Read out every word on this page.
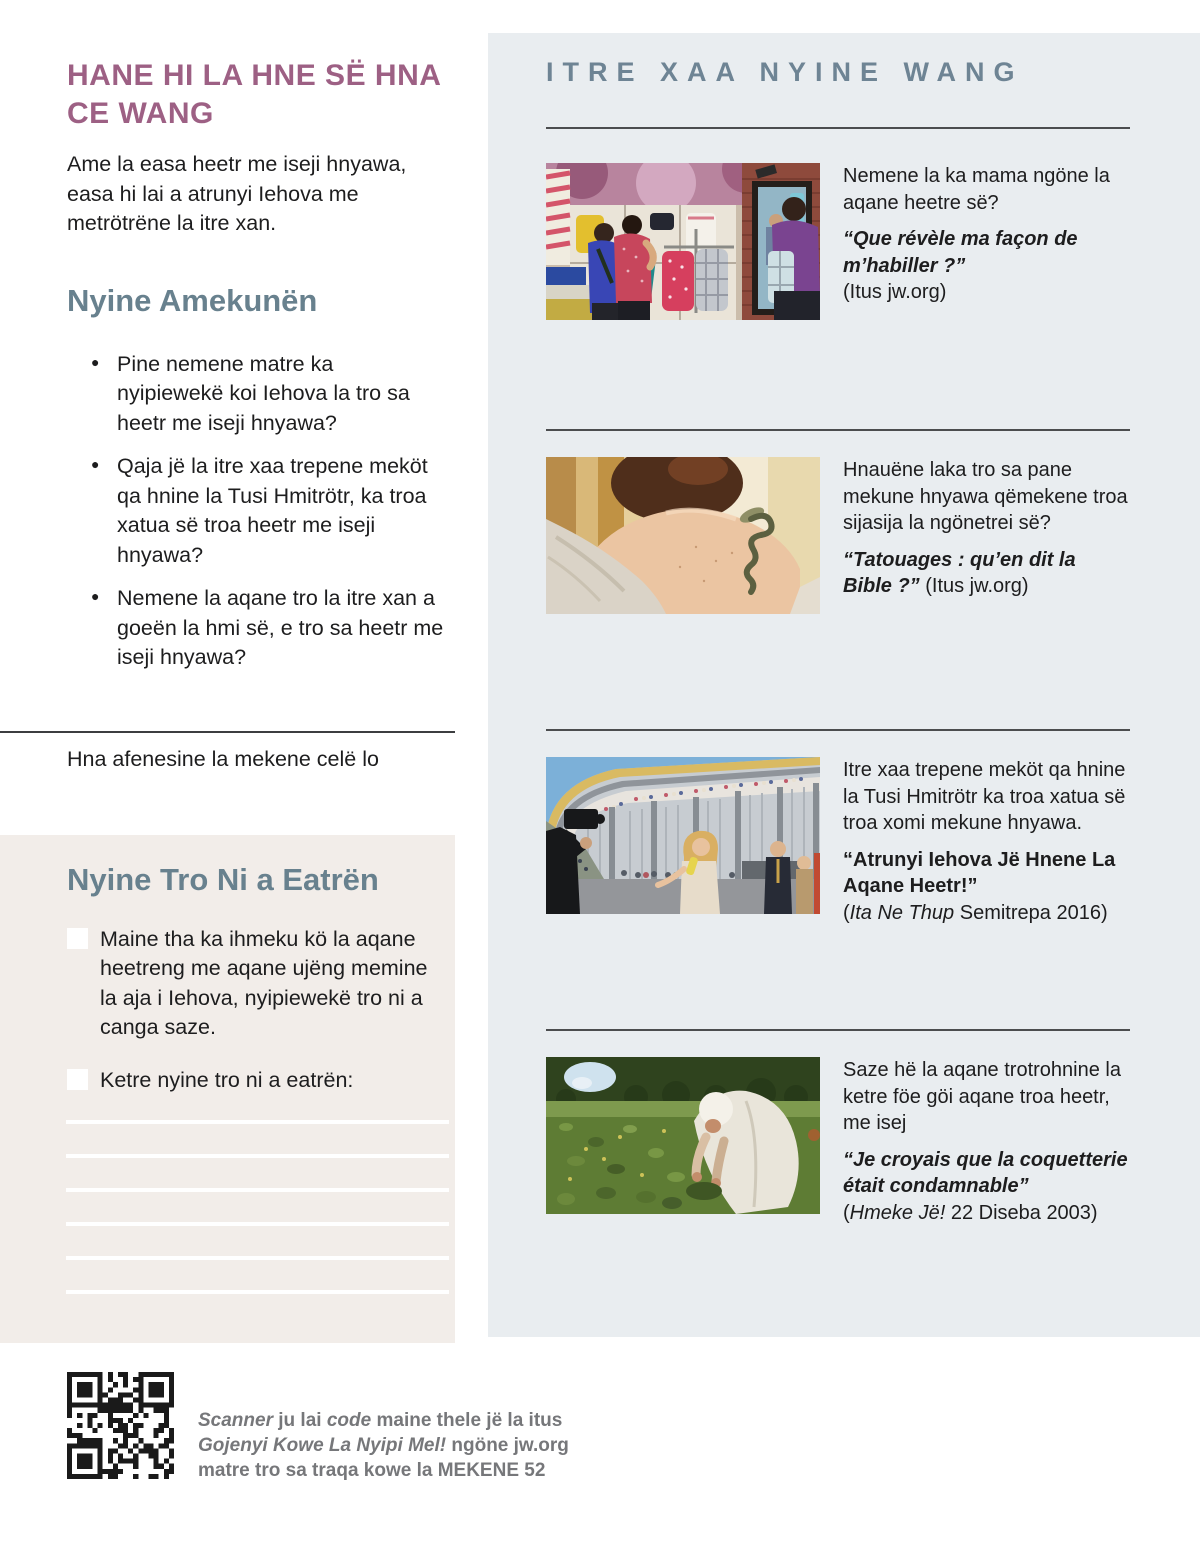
HANE HI LA HNE SË HNA CE WANG

Ame la easa heetr me iseji hnyawa, easa hi lai a atrunyi Iehova me metrötrëne la itre xan.

Nyine Amekunën
● Pine nemene matre ka nyipiewekë koi Iehova la tro sa heetr me iseji hnyawa?
● Qaja jë la itre xaa trepene meköt qa hnine la Tusi Hmitrötr, ka troa xatua së troa heetr me iseji hnyawa?
● Nemene la aqane tro la itre xan a goeën la hmi së, e tro sa heetr me iseji hnyawa?

Hna afenesine la mekene celë lo

Nyine Tro Ni a Eatrën
Maine tha ka ihmeku kö la aqane heetreng me aqane ujëng memine la aja i Iehova, nyipiewekë tro ni a canga saze.
Ketre nyine tro ni a eatrën:

Scanner ju lai code maine thele jë la itus
Gojenyi Kowe La Nyipi Mel! ngöne jw.org
matre tro sa traqa kowe la MEKENE 52

ITRE XAA NYINE WANG

Nemene la ka mama ngöne la aqane heetre së?

“Que révèle ma façon de m’habiller ?”
(Itus jw.org)

Hnauëne laka tro sa pane mekune hnyawa qëmekene troa sijasija la ngönetrei së?

“Tatouages : qu’en dit la Bible ?” (Itus jw.org)

Itre xaa trepene meköt qa hnine la Tusi Hmitrötr ka troa xatua së troa xomi mekune hnyawa.

“Atrunyi Iehova Jë Hnene La Aqane Heetr!”
(Ita Ne Thup Semitrepa 2016)

Saze hë la aqane trotrohnine la ketre föe göi aqane troa heetr, me isej

“Je croyais que la coquetterie était condamnable”
(Hmeke Jë! 22 Diseba 2003)
